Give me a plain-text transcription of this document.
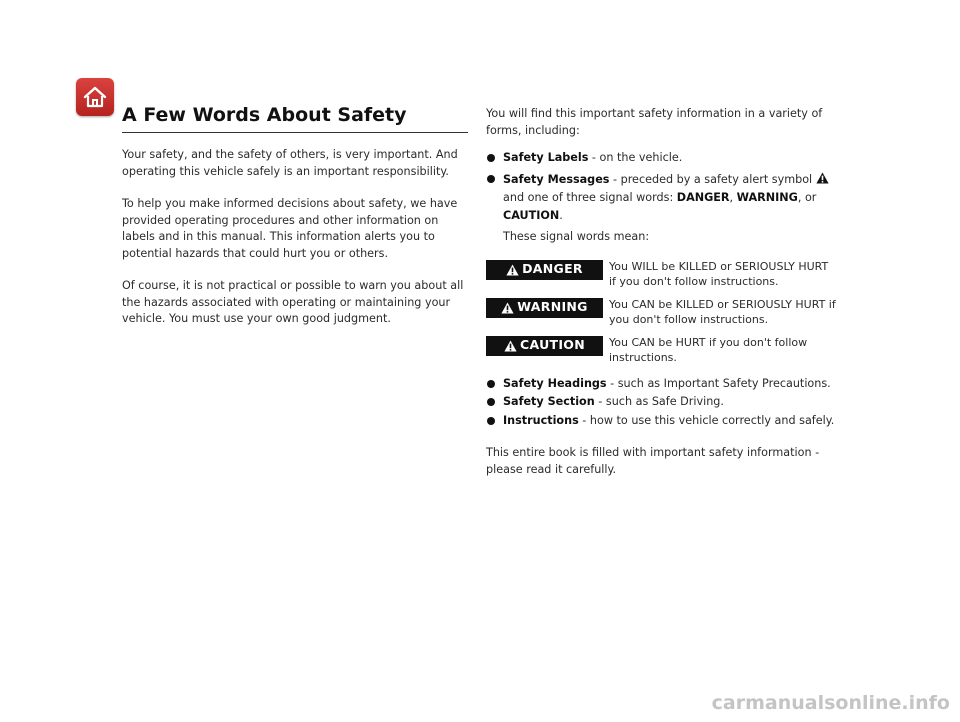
A Few Words About Safety

Your safety, and the safety of others, is very important. And operating this vehicle safely is an important responsibility.

To help you make informed decisions about safety, we have provided operating procedures and other information on labels and in this manual. This information alerts you to potential hazards that could hurt you or others.

Of course, it is not practical or possible to warn you about all the hazards associated with operating or maintaining your vehicle. You must use your own good judgment.

You will find this important safety information in a variety of forms, including:

Safety Labels - on the vehicle.

Safety Messages - preceded by a safety alert symbol  and one of three signal words: DANGER, WARNING, or CAUTION.
These signal words mean:
DANGER You WILL be KILLED or SERIOUSLY HURT if you don't follow instructions.
WARNING You CAN be KILLED or SERIOUSLY HURT if you don't follow instructions.
CAUTION You CAN be HURT if you don't follow instructions.

Safety Headings - such as Important Safety Precautions.

Safety Section - such as Safe Driving.

Instructions - how to use this vehicle correctly and safely.

This entire book is filled with important safety information - please read it carefully.

carmanualsonline.info
